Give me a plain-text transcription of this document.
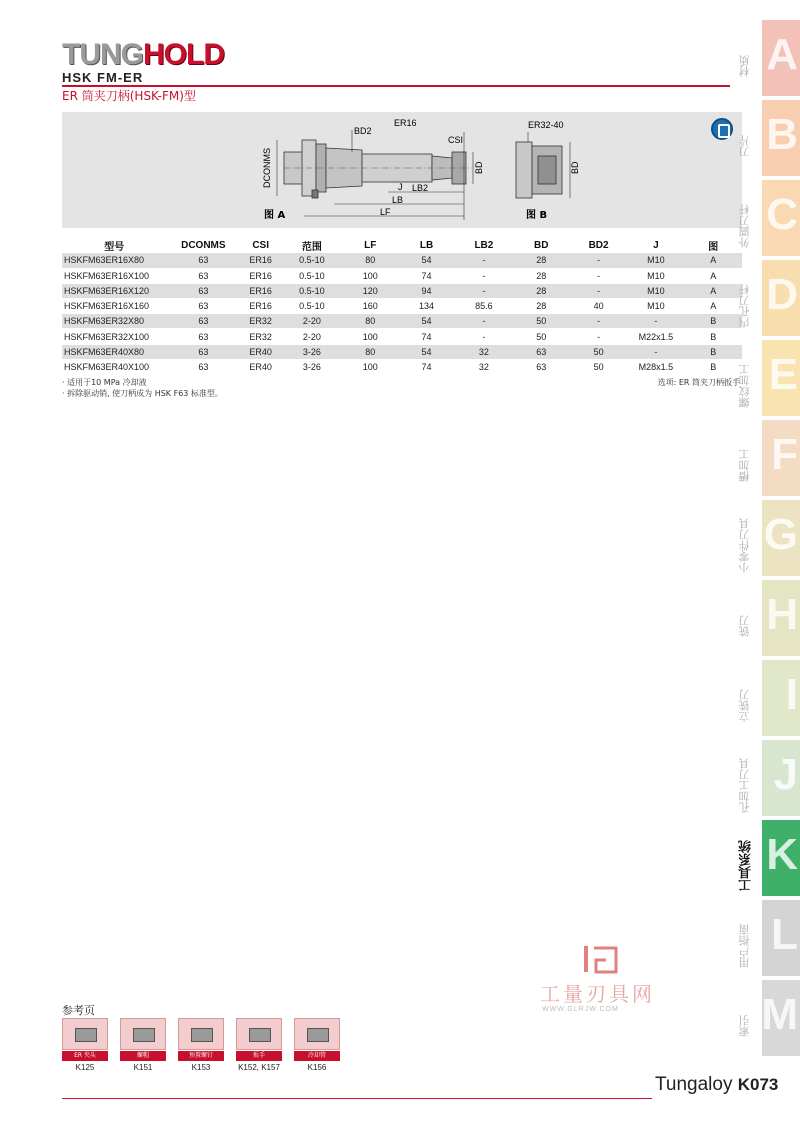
TUNGHOLD
HSK FM-ER
ER 筒夹刀柄(HSK-FM)型
ER16
BD2
CSI
DCONMS	BD
J LB2
LB
LF
图 A
ER32-40
BD
图 B
型号	DCONMS	CSI	范围	LF	LB	LB2	BD	BD2	J	图
HSKFM63ER16X80	63	ER16	0.5-10	80	54	-	28	-	M10	A
HSKFM63ER16X100	63	ER16	0.5-10	100	74	-	28	-	M10	A
HSKFM63ER16X120	63	ER16	0.5-10	120	94	-	28	-	M10	A
HSKFM63ER16X160	63	ER16	0.5-10	160	134	85.6	28	40	M10	A
HSKFM63ER32X80	63	ER32	2-20	80	54	-	50	-	-	B
HSKFM63ER32X100	63	ER32	2-20	100	74	-	50	-	M22x1.5	B
HSKFM63ER40X80	63	ER40	3-26	80	54	32	63	50	-	B
HSKFM63ER40X100	63	ER40	3-26	100	74	32	63	50	M28x1.5	B
· 适用于10 MPa 冷却液
· 拆除驱动销, 使刀柄成为 HSK F63 标准型。
选项: ER 筒夹刀柄扳手
A
材质
B
刀片
C
外圆刀杆
D
内孔刀杆
E
螺纹加工
F
槽加工
G
小零件刀具
H
铣刀
I
立铣刀
J
孔加工刀具
K
工具系统
L
用户指南
M
索引
工量刃具网
WWW.GLRJW.COM
参考页
ER 夹头
K125
螺帽
K151
预置螺钉
K153
扳手
K152, K157
冷却管
K156
Tungaloy K073
